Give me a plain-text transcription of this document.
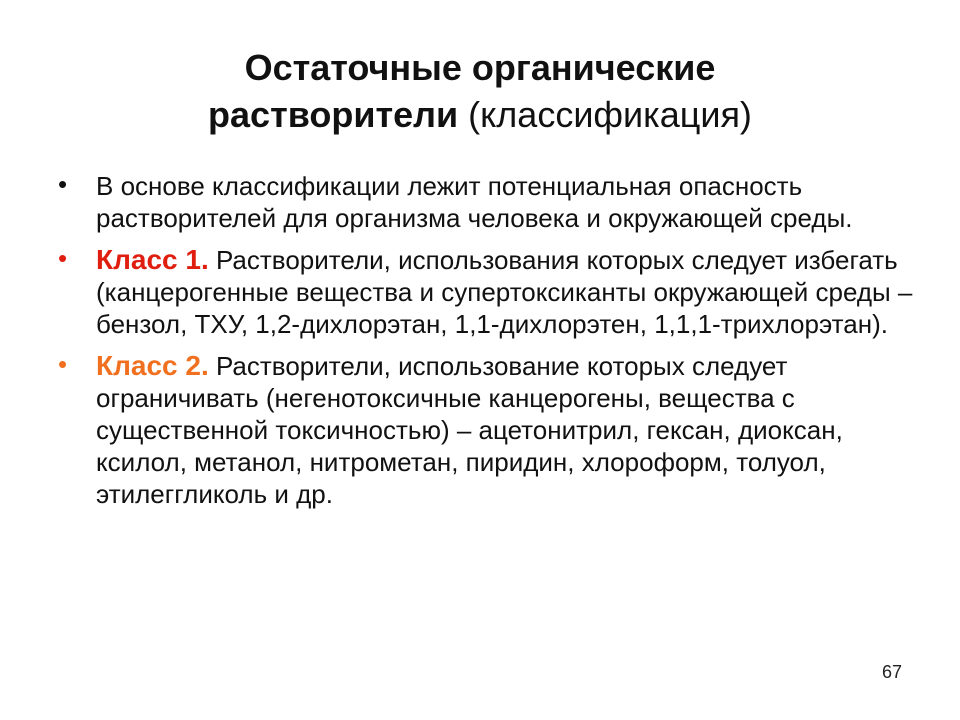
Остаточные органические
растворители (классификация)
• В основе классификации лежит потенциальная опасность растворителей для организма человека и окружающей среды.
• Класс 1. Растворители, использования которых следует избегать (канцерогенные вещества и супертоксиканты окружающей среды – бензол, ТХУ, 1,2-дихлорэтан, 1,1-дихлорэтен, 1,1,1-трихлорэтан).
• Класс 2. Растворители, использование которых следует ограничивать (негенотоксичные канцерогены, вещества с существенной токсичностью) – ацетонитрил, гексан, диоксан, ксилол, метанол, нитрометан, пиридин, хлороформ, толуол, этилеггликоль и др.
67
